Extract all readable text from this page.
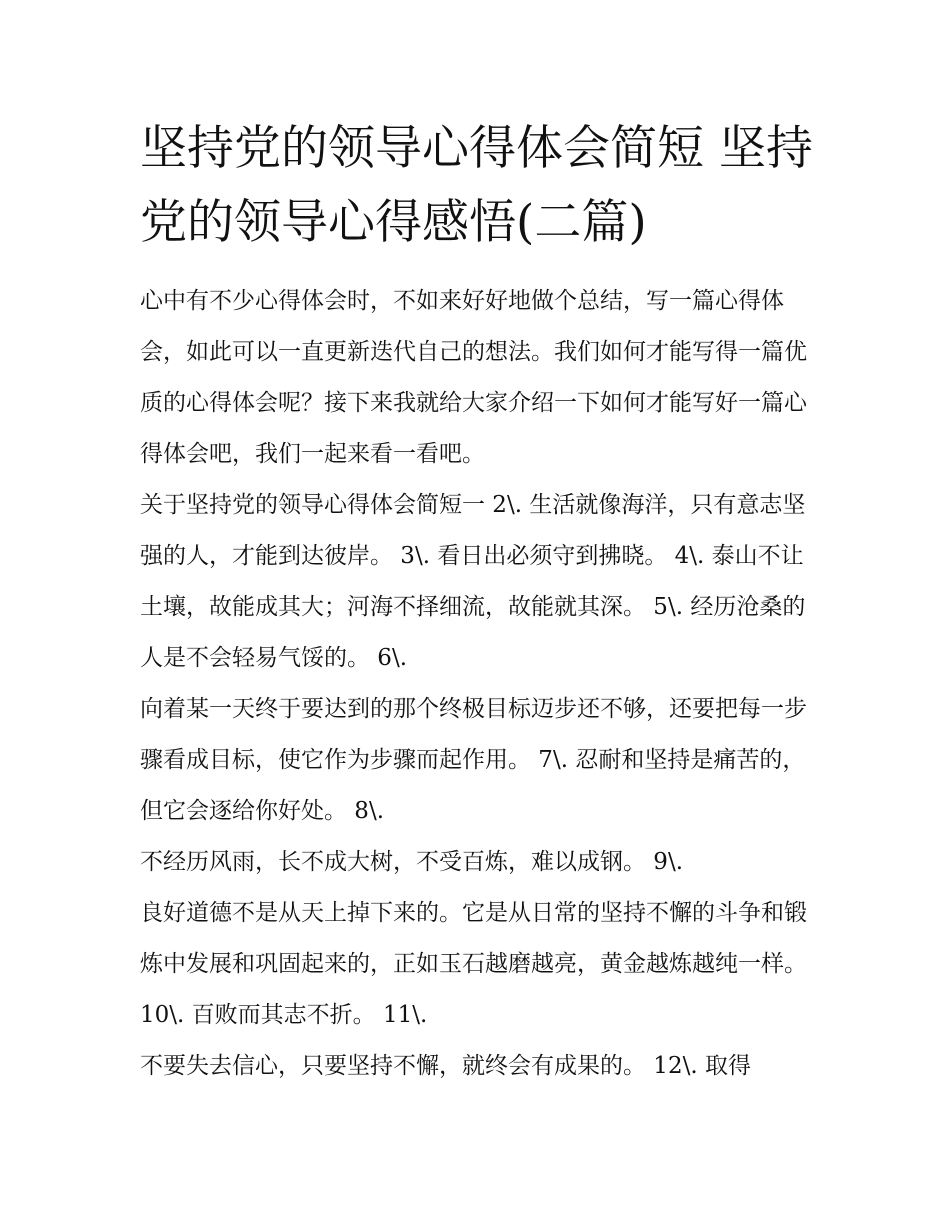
坚持党的领导心得体会简短 坚持党的领导心得感悟(二篇)

心中有不少心得体会时，不如来好好地做个总结，写一篇心得体会，如此可以一直更新迭代自己的想法。我们如何才能写得一篇优质的心得体会呢？接下来我就给大家介绍一下如何才能写好一篇心得体会吧，我们一起来看一看吧。

关于坚持党的领导心得体会简短一 2\. 生活就像海洋，只有意志坚强的人，才能到达彼岸。 3\. 看日出必须守到拂晓。 4\. 泰山不让土壤，故能成其大；河海不择细流，故能就其深。 5\. 经历沧桑的人是不会轻易气馁的。 6\.

向着某一天终于要达到的那个终极目标迈步还不够，还要把每一步骤看成目标，使它作为步骤而起作用。 7\. 忍耐和坚持是痛苦的，但它会逐给你好处。 8\.

不经历风雨，长不成大树，不受百炼，难以成钢。 9\.

良好道德不是从天上掉下来的。它是从日常的坚持不懈的斗争和锻炼中发展和巩固起来的，正如玉石越磨越亮，黄金越炼越纯一样。 10\. 百败而其志不折。 11\.

不要失去信心，只要坚持不懈，就终会有成果的。 12\. 取得
